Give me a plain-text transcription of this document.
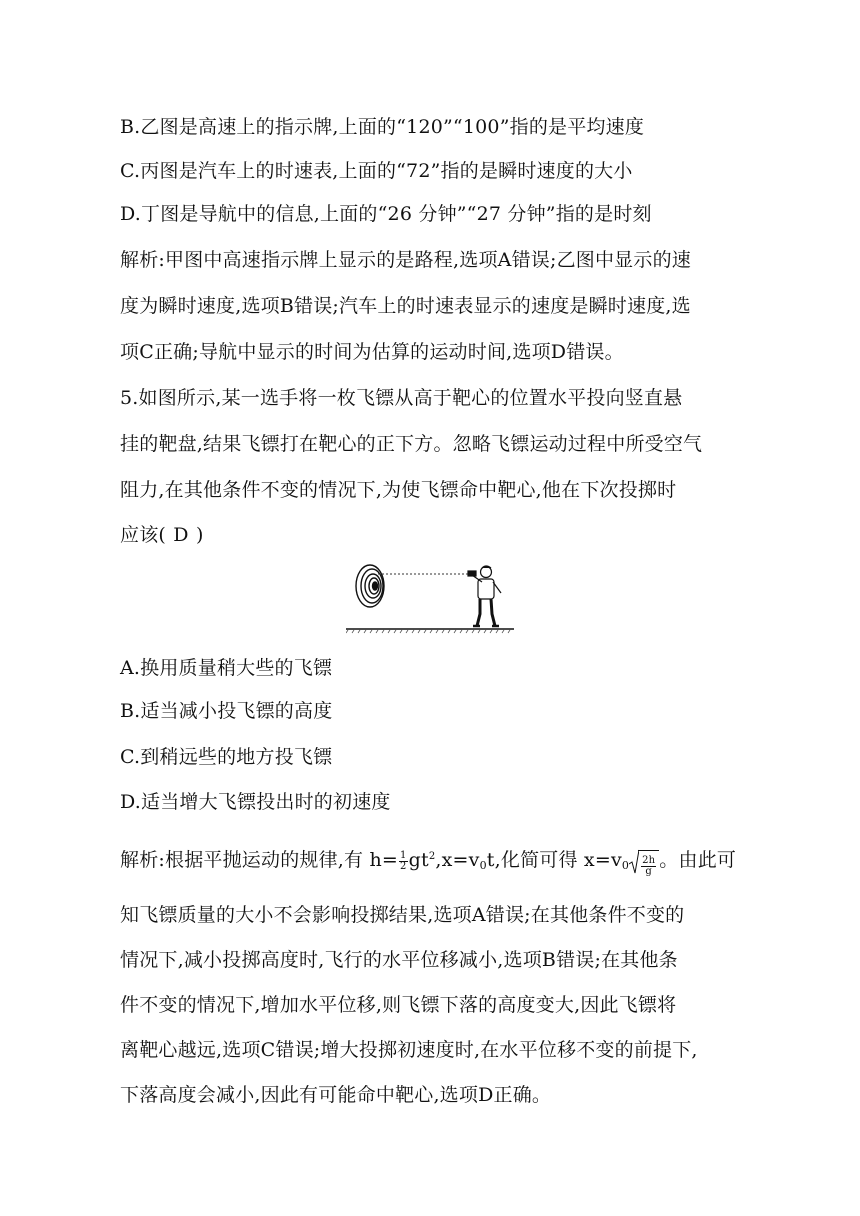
B.乙图是高速上的指示牌,上面的“120”“100”指的是平均速度
C.丙图是汽车上的时速表,上面的“72”指的是瞬时速度的大小
D.丁图是导航中的信息,上面的“26 分钟”“27 分钟”指的是时刻
解析:甲图中高速指示牌上显示的是路程,选项A错误;乙图中显示的速
度为瞬时速度,选项B错误;汽车上的时速表显示的速度是瞬时速度,选
项C正确;导航中显示的时间为估算的运动时间,选项D错误。
5.如图所示,某一选手将一枚飞镖从高于靶心的位置水平投向竖直悬
挂的靶盘,结果飞镖打在靶心的正下方。忽略飞镖运动过程中所受空气
阻力,在其他条件不变的情况下,为使飞镖命中靶心,他在下次投掷时
应该( D )
A.换用质量稍大些的飞镖
B.适当减小投飞镖的高度
C.到稍远些的地方投飞镖
D.适当增大飞镖投出时的初速度
解析:根据平抛运动的规律,有 $h= \frac{1}{2} gt^2,x=v_0t$,化简可得 $x=v_0 \frac{2h}{g}$ 。由此可
知飞镖质量的大小不会影响投掷结果,选项A错误;在其他条件不变的
情况下,减小投掷高度时,飞行的水平位移减小,选项B错误;在其他条
件不变的情况下,增加水平位移,则飞镖下落的高度变大,因此飞镖将
离靶心越远,选项C错误;增大投掷初速度时,在水平位移不变的前提下,
下落高度会减小,因此有可能命中靶心,选项D正确。
